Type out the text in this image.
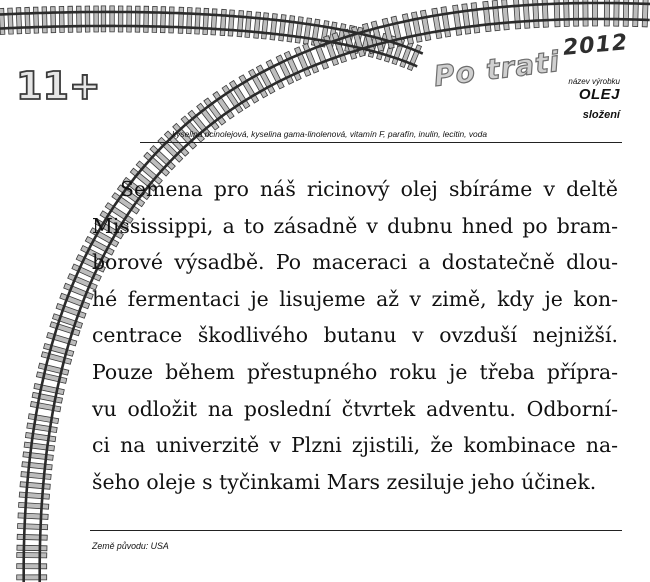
11+	Po trati 2012
název výrobku
OLEJ
složení
kyselina ricinolejová, kyselina gama-linolenová, vitamín F, parafín, inulin, lecitin, voda
Semena pro náš ricinový olej sbíráme v deltě
Mississippi, a to zásadně v dubnu hned po bram-
borové výsadbě. Po maceraci a dostatečně dlou-
hé fermentaci je lisujeme až v zimě, kdy je kon-
centrace škodlivého butanu v ovzduší nejnižší.
Pouze během přestupného roku je třeba přípra-
vu odložit na poslední čtvrtek adventu. Odborní-
ci na univerzitě v Plzni zjistili, že kombinace na-
šeho oleje s tyčinkami Mars zesiluje jeho účinek.
Země původu: USA
